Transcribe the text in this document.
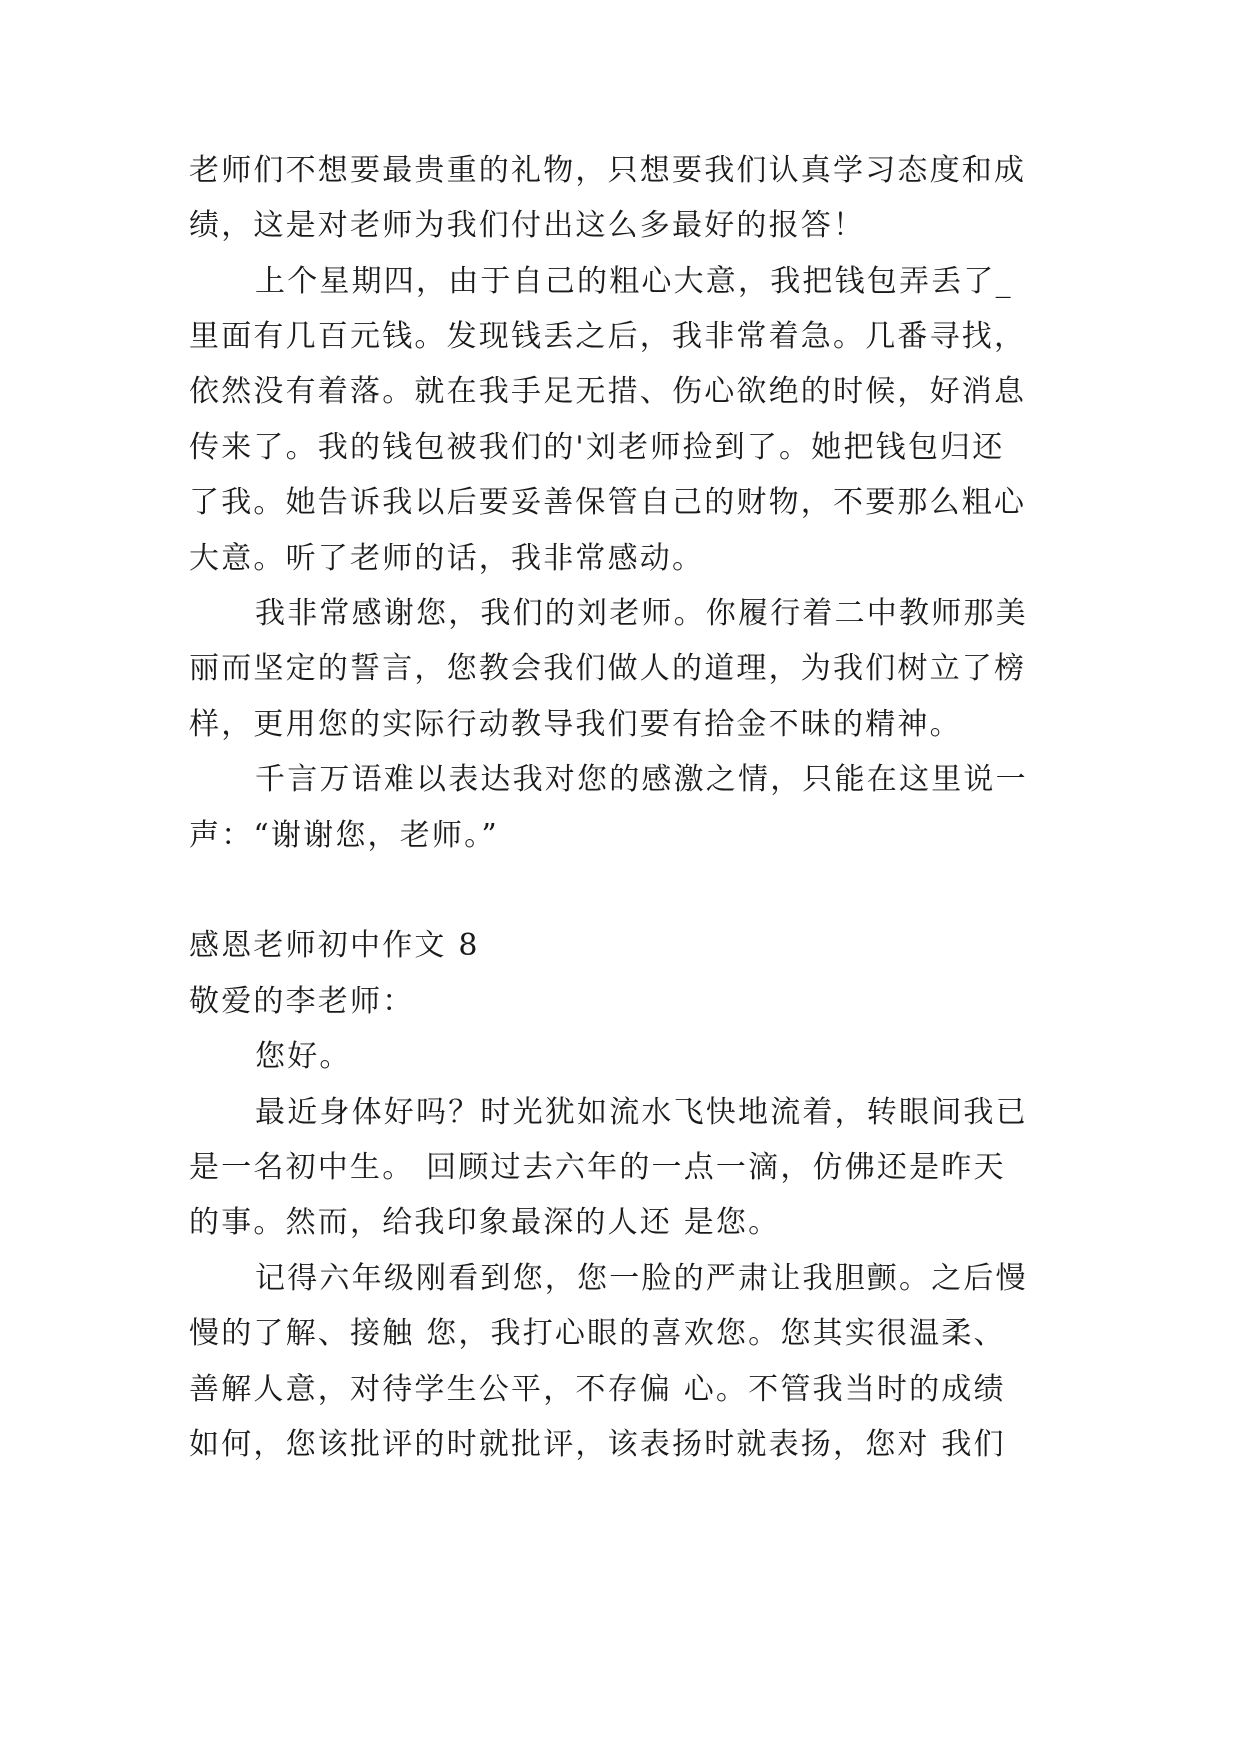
老师们不想要最贵重的礼物，只想要我们认真学习态度和成
绩，这是对老师为我们付出这么多最好的报答！
上个星期四，由于自己的粗心大意，我把钱包弄丢了_
里面有几百元钱。发现钱丢之后，我非常着急。几番寻找，
依然没有着落。就在我手足无措、伤心欲绝的时候，好消息
传来了。我的钱包被我们的'刘老师捡到了。她把钱包归还
了我。她告诉我以后要妥善保管自己的财物，不要那么粗心
大意。听了老师的话，我非常感动。
我非常感谢您，我们的刘老师。你履行着二中教师那美
丽而坚定的誓言，您教会我们做人的道理，为我们树立了榜
样，更用您的实际行动教导我们要有拾金不昧的精神。
千言万语难以表达我对您的感激之情，只能在这里说一
声：“谢谢您，老师。”
感恩老师初中作文 8
敬爱的李老师：
您好。
最近身体好吗？时光犹如流水飞快地流着，转眼间我已
是一名初中生。 回顾过去六年的一点一滴，仿佛还是昨天
的事。然而，给我印象最深的人还 是您。
记得六年级刚看到您，您一脸的严肃让我胆颤。之后慢
慢的了解、接触 您，我打心眼的喜欢您。您其实很温柔、
善解人意，对待学生公平，不存偏 心。不管我当时的成绩
如何，您该批评的时就批评，该表扬时就表扬，您对 我们
